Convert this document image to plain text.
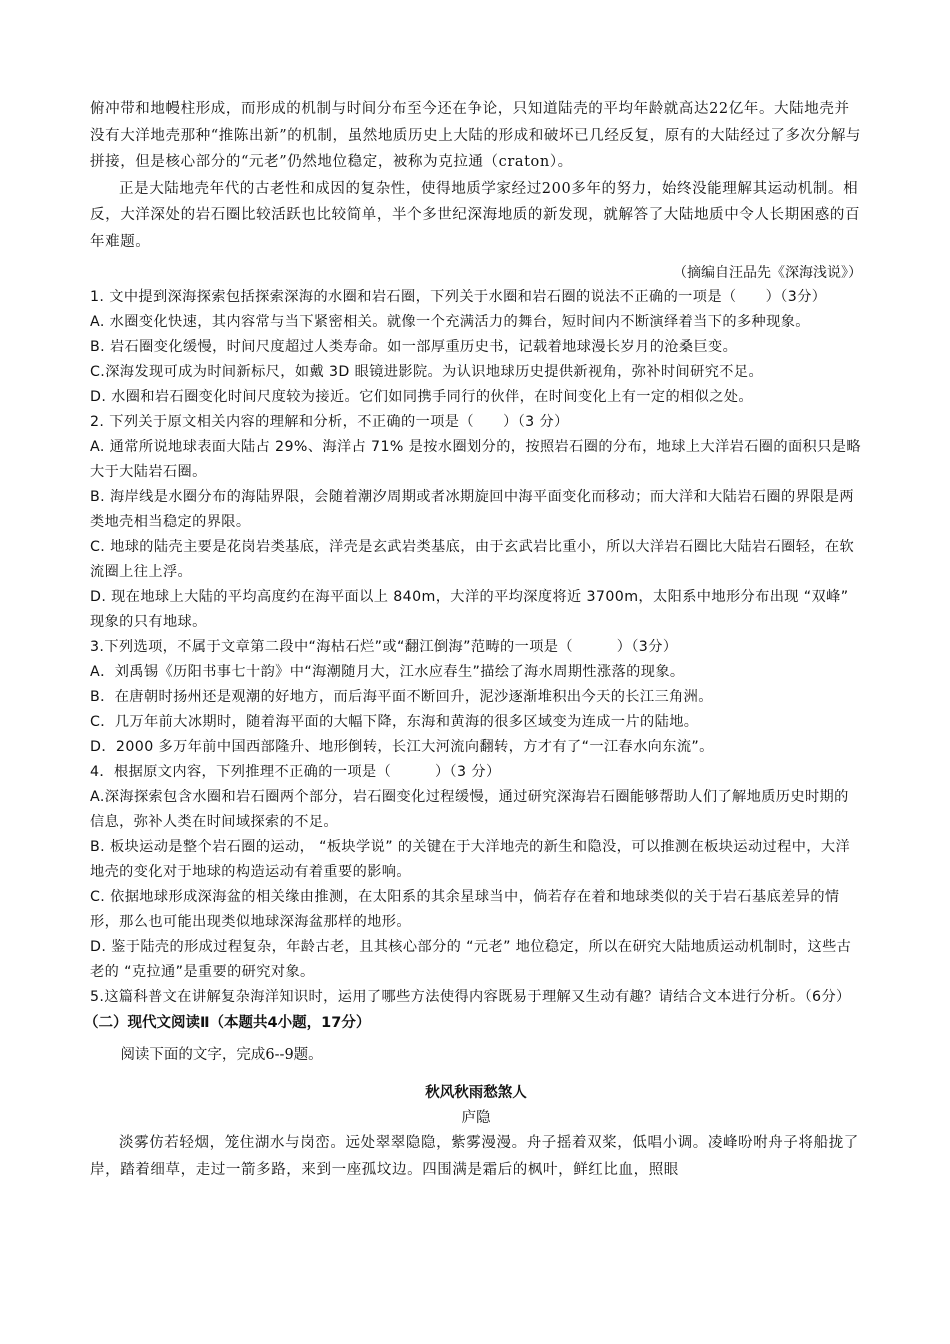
俯冲带和地幔柱形成，而形成的机制与时间分布至今还在争论，只知道陆壳的平均年龄就高达22亿年。大陆地壳并没有大洋地壳那种“推陈出新”的机制，虽然地质历史上大陆的形成和破坏已几经反复，原有的大陆经过了多次分解与拼接，但是核心部分的“元老”仍然地位稳定，被称为克拉通（craton）。

正是大陆地壳年代的古老性和成因的复杂性，使得地质学家经过200多年的努力，始终没能理解其运动机制。相反，大洋深处的岩石圈比较活跃也比较简单，半个多世纪深海地质的新发现，就解答了大陆地质中令人长期困惑的百年难题。

（摘编自汪品先《深海浅说》）

1. 文中提到深海探索包括探索深海的水圈和岩石圈，下列关于水圈和岩石圈的说法不正确的一项是（　　）（3分）

A. 水圈变化快速，其内容常与当下紧密相关。就像一个充满活力的舞台，短时间内不断演绎着当下的多种现象。

B. 岩石圈变化缓慢，时间尺度超过人类寿命。如一部厚重历史书，记载着地球漫长岁月的沧桑巨变。

C.深海发现可成为时间新标尺，如戴 3D 眼镜进影院。为认识地球历史提供新视角，弥补时间研究不足。

D. 水圈和岩石圈变化时间尺度较为接近。它们如同携手同行的伙伴，在时间变化上有一定的相似之处。

2. 下列关于原文相关内容的理解和分析，不正确的一项是（　　）（3 分）

A. 通常所说地球表面大陆占 29%、海洋占 71% 是按水圈划分的，按照岩石圈的分布，地球上大洋岩石圈的面积只是略大于大陆岩石圈。

B. 海岸线是水圈分布的海陆界限，会随着潮汐周期或者冰期旋回中海平面变化而移动；而大洋和大陆岩石圈的界限是两类地壳相当稳定的界限。

C. 地球的陆壳主要是花岗岩类基底，洋壳是玄武岩类基底，由于玄武岩比重小，所以大洋岩石圈比大陆岩石圈轻，在软流圈上往上浮。

D. 现在地球上大陆的平均高度约在海平面以上 840m，大洋的平均深度将近 3700m，太阳系中地形分布出现 “双峰” 现象的只有地球。

3.下列选项，不属于文章第二段中“海枯石烂”或“翻江倒海”范畴的一项是（　　　）（3分）

A．刘禹锡《历阳书事七十韵》中“海潮随月大，江水应春生”描绘了海水周期性涨落的现象。

B．在唐朝时扬州还是观潮的好地方，而后海平面不断回升，泥沙逐渐堆积出今天的长江三角洲。

C．几万年前大冰期时，随着海平面的大幅下降，东海和黄海的很多区域变为连成一片的陆地。

D．2000 多万年前中国西部隆升、地形倒转，长江大河流向翻转，方才有了“一江春水向东流”。

4．根据原文内容，下列推理不正确的一项是（　　　）（3 分）

A.深海探索包含水圈和岩石圈两个部分，岩石圈变化过程缓慢，通过研究深海岩石圈能够帮助人们了解地质历史时期的信息，弥补人类在时间域探索的不足。

B. 板块运动是整个岩石圈的运动， “板块学说” 的关键在于大洋地壳的新生和隐没，可以推测在板块运动过程中，大洋地壳的变化对于地球的构造运动有着重要的影响。

C. 依据地球形成深海盆的相关缘由推测，在太阳系的其余星球当中，倘若存在着和地球类似的关于岩石基底差异的情形，那么也可能出现类似地球深海盆那样的地形。

D. 鉴于陆壳的形成过程复杂，年龄古老，且其核心部分的 “元老” 地位稳定，所以在研究大陆地质运动机制时，这些古老的 “克拉通”是重要的研究对象。

5.这篇科普文在讲解复杂海洋知识时，运用了哪些方法使得内容既易于理解又生动有趣？请结合文本进行分析。（6分）

（二）现代文阅读Ⅱ（本题共4小题，17分）

阅读下面的文字，完成6--9题。

秋风秋雨愁煞人

庐隐

淡雾仿若轻烟，笼住湖水与岗峦。远处翠翠隐隐，紫雾漫漫。舟子摇着双桨，低唱小调。凌峰吩咐舟子将船拢了岸，踏着细草，走过一箭多路，来到一座孤坟边。四围满是霜后的枫叶，鲜红比血，照眼
